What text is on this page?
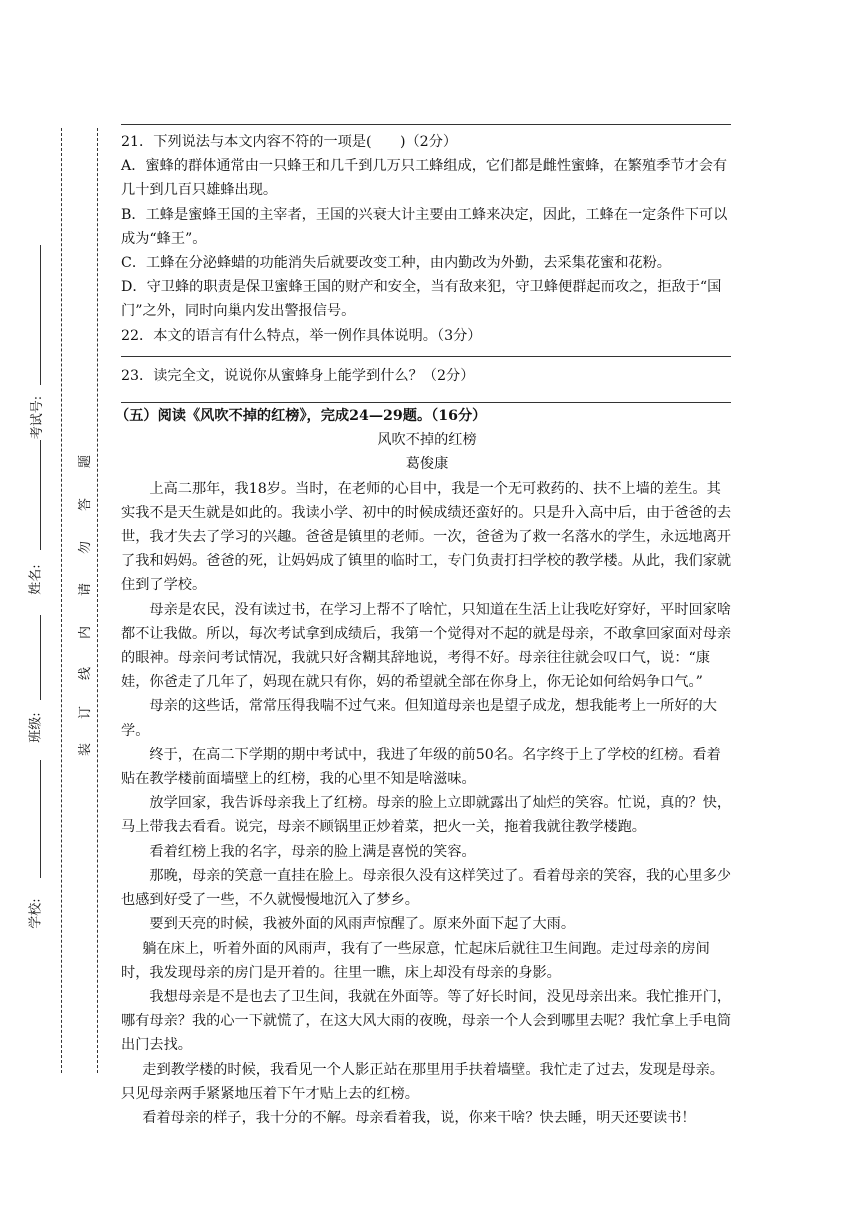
考试号:
姓名:
班级:
学校:
题
答
勿
请
内
线
订
装

21．下列说法与本文内容不符的一项是(　　)（2分）

A．蜜蜂的群体通常由一只蜂王和几千到几万只工蜂组成，它们都是雌性蜜蜂，在繁殖季节才会有几十到几百只雄蜂出现。

B．工蜂是蜜蜂王国的主宰者，王国的兴衰大计主要由工蜂来决定，因此，工蜂在一定条件下可以成为“蜂王”。

C．工蜂在分泌蜂蜡的功能消失后就要改变工种，由内勤改为外勤，去采集花蜜和花粉。

D．守卫蜂的职责是保卫蜜蜂王国的财产和安全，当有敌来犯，守卫蜂便群起而攻之，拒敌于“国门”之外，同时向巢内发出警报信号。

22．本文的语言有什么特点，举一例作具体说明。（3分）

23．读完全文，说说你从蜜蜂身上能学到什么？（2分）

（五）阅读《风吹不掉的红榜》，完成24—29题。（16分）

风吹不掉的红榜

葛俊康

上高二那年，我18岁。当时，在老师的心目中，我是一个无可救药的、扶不上墙的差生。其实我不是天生就是如此的。我读小学、初中的时候成绩还蛮好的。只是升入高中后，由于爸爸的去世，我才失去了学习的兴趣。爸爸是镇里的老师。一次，爸爸为了救一名落水的学生，永远地离开了我和妈妈。爸爸的死，让妈妈成了镇里的临时工，专门负责打扫学校的教学楼。从此，我们家就住到了学校。

母亲是农民，没有读过书，在学习上帮不了啥忙，只知道在生活上让我吃好穿好，平时回家啥都不让我做。所以，每次考试拿到成绩后，我第一个觉得对不起的就是母亲，不敢拿回家面对母亲的眼神。母亲问考试情况，我就只好含糊其辞地说，考得不好。母亲往往就会叹口气，说：“康娃，你爸走了几年了，妈现在就只有你，妈的希望就全部在你身上，你无论如何给妈争口气。”

母亲的这些话，常常压得我喘不过气来。但知道母亲也是望子成龙，想我能考上一所好的大学。

终于，在高二下学期的期中考试中，我进了年级的前50名。名字终于上了学校的红榜。看着贴在教学楼前面墙壁上的红榜，我的心里不知是啥滋味。

放学回家，我告诉母亲我上了红榜。母亲的脸上立即就露出了灿烂的笑容。忙说，真的？快，马上带我去看看。说完，母亲不顾锅里正炒着菜，把火一关，拖着我就往教学楼跑。

看着红榜上我的名字，母亲的脸上满是喜悦的笑容。

那晚，母亲的笑意一直挂在脸上。母亲很久没有这样笑过了。看着母亲的笑容，我的心里多少也感到好受了一些，不久就慢慢地沉入了梦乡。

要到天亮的时候，我被外面的风雨声惊醒了。原来外面下起了大雨。

躺在床上，听着外面的风雨声，我有了一些尿意，忙起床后就往卫生间跑。走过母亲的房间时，我发现母亲的房门是开着的。往里一瞧，床上却没有母亲的身影。

我想母亲是不是也去了卫生间，我就在外面等。等了好长时间，没见母亲出来。我忙推开门，哪有母亲？我的心一下就慌了，在这大风大雨的夜晚，母亲一个人会到哪里去呢？我忙拿上手电筒出门去找。

走到教学楼的时候，我看见一个人影正站在那里用手扶着墙壁。我忙走了过去，发现是母亲。只见母亲两手紧紧地压着下午才贴上去的红榜。

看着母亲的样子，我十分的不解。母亲看着我，说，你来干啥？快去睡，明天还要读书！
